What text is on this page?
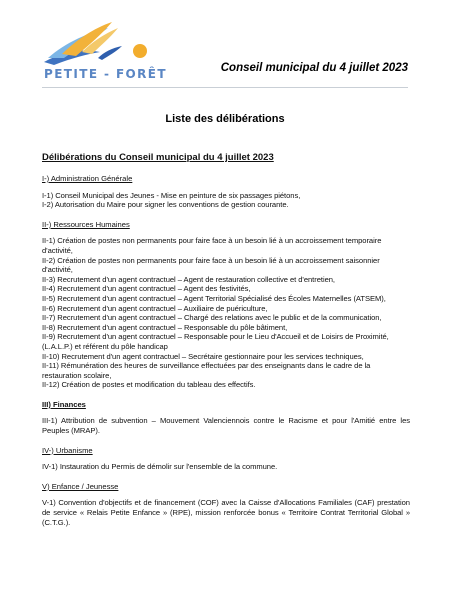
PETITE - FORÊT	Conseil municipal du 4 juillet 2023
Liste des délibérations
Délibérations du Conseil municipal du 4 juillet 2023
I-) Administration Générale
I-1) Conseil Municipal des Jeunes - Mise en peinture de six passages piétons,
I-2) Autorisation du Maire pour signer les conventions de gestion courante.
II-) Ressources Humaines
II-1) Création de postes non permanents pour faire face à un besoin lié à un accroissement temporaire d'activité,
II-2) Création de postes non permanents pour faire face à un besoin lié à un accroissement saisonnier d'activité,
II-3) Recrutement d'un agent contractuel – Agent de restauration collective et d'entretien,
II-4) Recrutement d'un agent contractuel – Agent des festivités,
II-5) Recrutement d'un agent contractuel – Agent Territorial Spécialisé des Écoles Maternelles (ATSEM),
II-6) Recrutement d'un agent contractuel – Auxiliaire de puériculture,
II-7) Recrutement d'un agent contractuel – Chargé des relations avec le public et de la communication,
II-8) Recrutement d'un agent contractuel – Responsable du pôle bâtiment,
II-9) Recrutement d'un agent contractuel – Responsable pour le Lieu d'Accueil et de Loisirs de Proximité, (L.A.L.P.) et référent du pôle handicap
II-10) Recrutement d'un agent contractuel – Secrétaire gestionnaire pour les services techniques,
II-11) Rémunération des heures de surveillance effectuées par des enseignants dans le cadre de la restauration scolaire,
II-12) Création de postes et modification du tableau des effectifs.
III) Finances
III-1) Attribution de subvention – Mouvement Valenciennois contre le Racisme et pour l'Amitié entre les Peuples (MRAP).
IV-) Urbanisme
IV-1) Instauration du Permis de démolir sur l'ensemble de la commune.
V) Enfance / Jeunesse
V-1) Convention d'objectifs et de financement (COF) avec la Caisse d'Allocations Familiales (CAF) prestation de service « Relais Petite Enfance » (RPE), mission renforcée bonus « Territoire Contrat Territorial Global » (C.T.G.).
